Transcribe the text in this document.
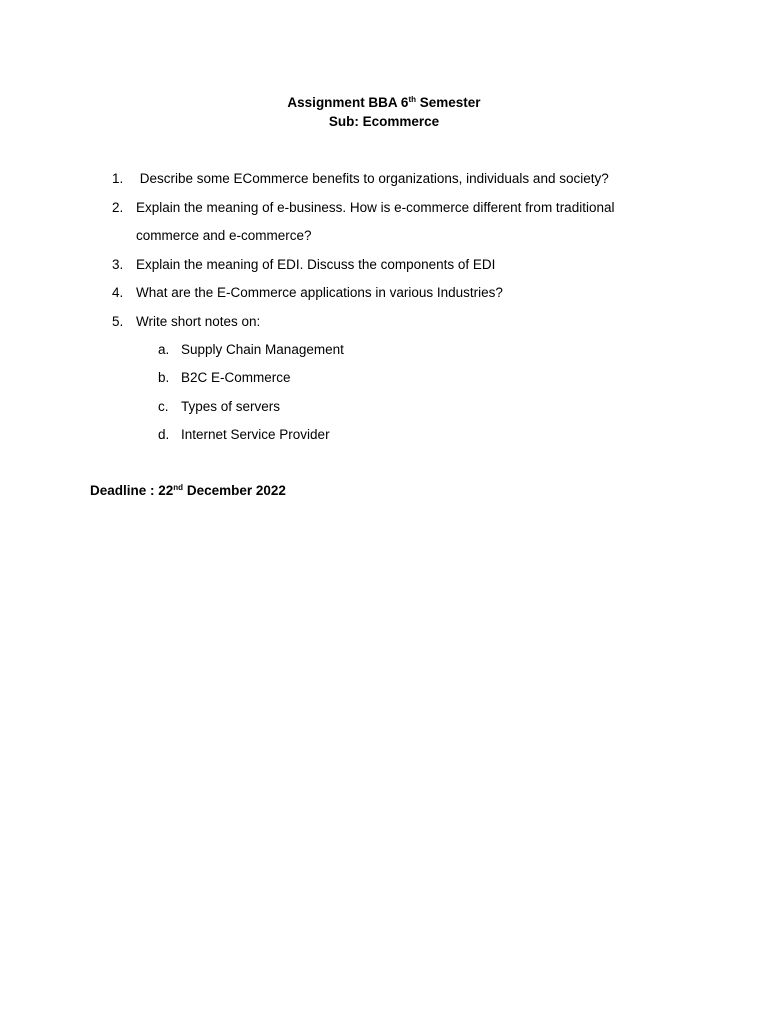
Assignment BBA 6th Semester
Sub: Ecommerce
1. Describe some ECommerce benefits to organizations, individuals and society?
2. Explain the meaning of e-business. How is e-commerce different from traditional
commerce and e-commerce?
3. Explain the meaning of EDI. Discuss the components of EDI
4. What are the E-Commerce applications in various Industries?
5. Write short notes on:
a. Supply Chain Management
b. B2C E-Commerce
c. Types of servers
d. Internet Service Provider
Deadline : 22nd December 2022
